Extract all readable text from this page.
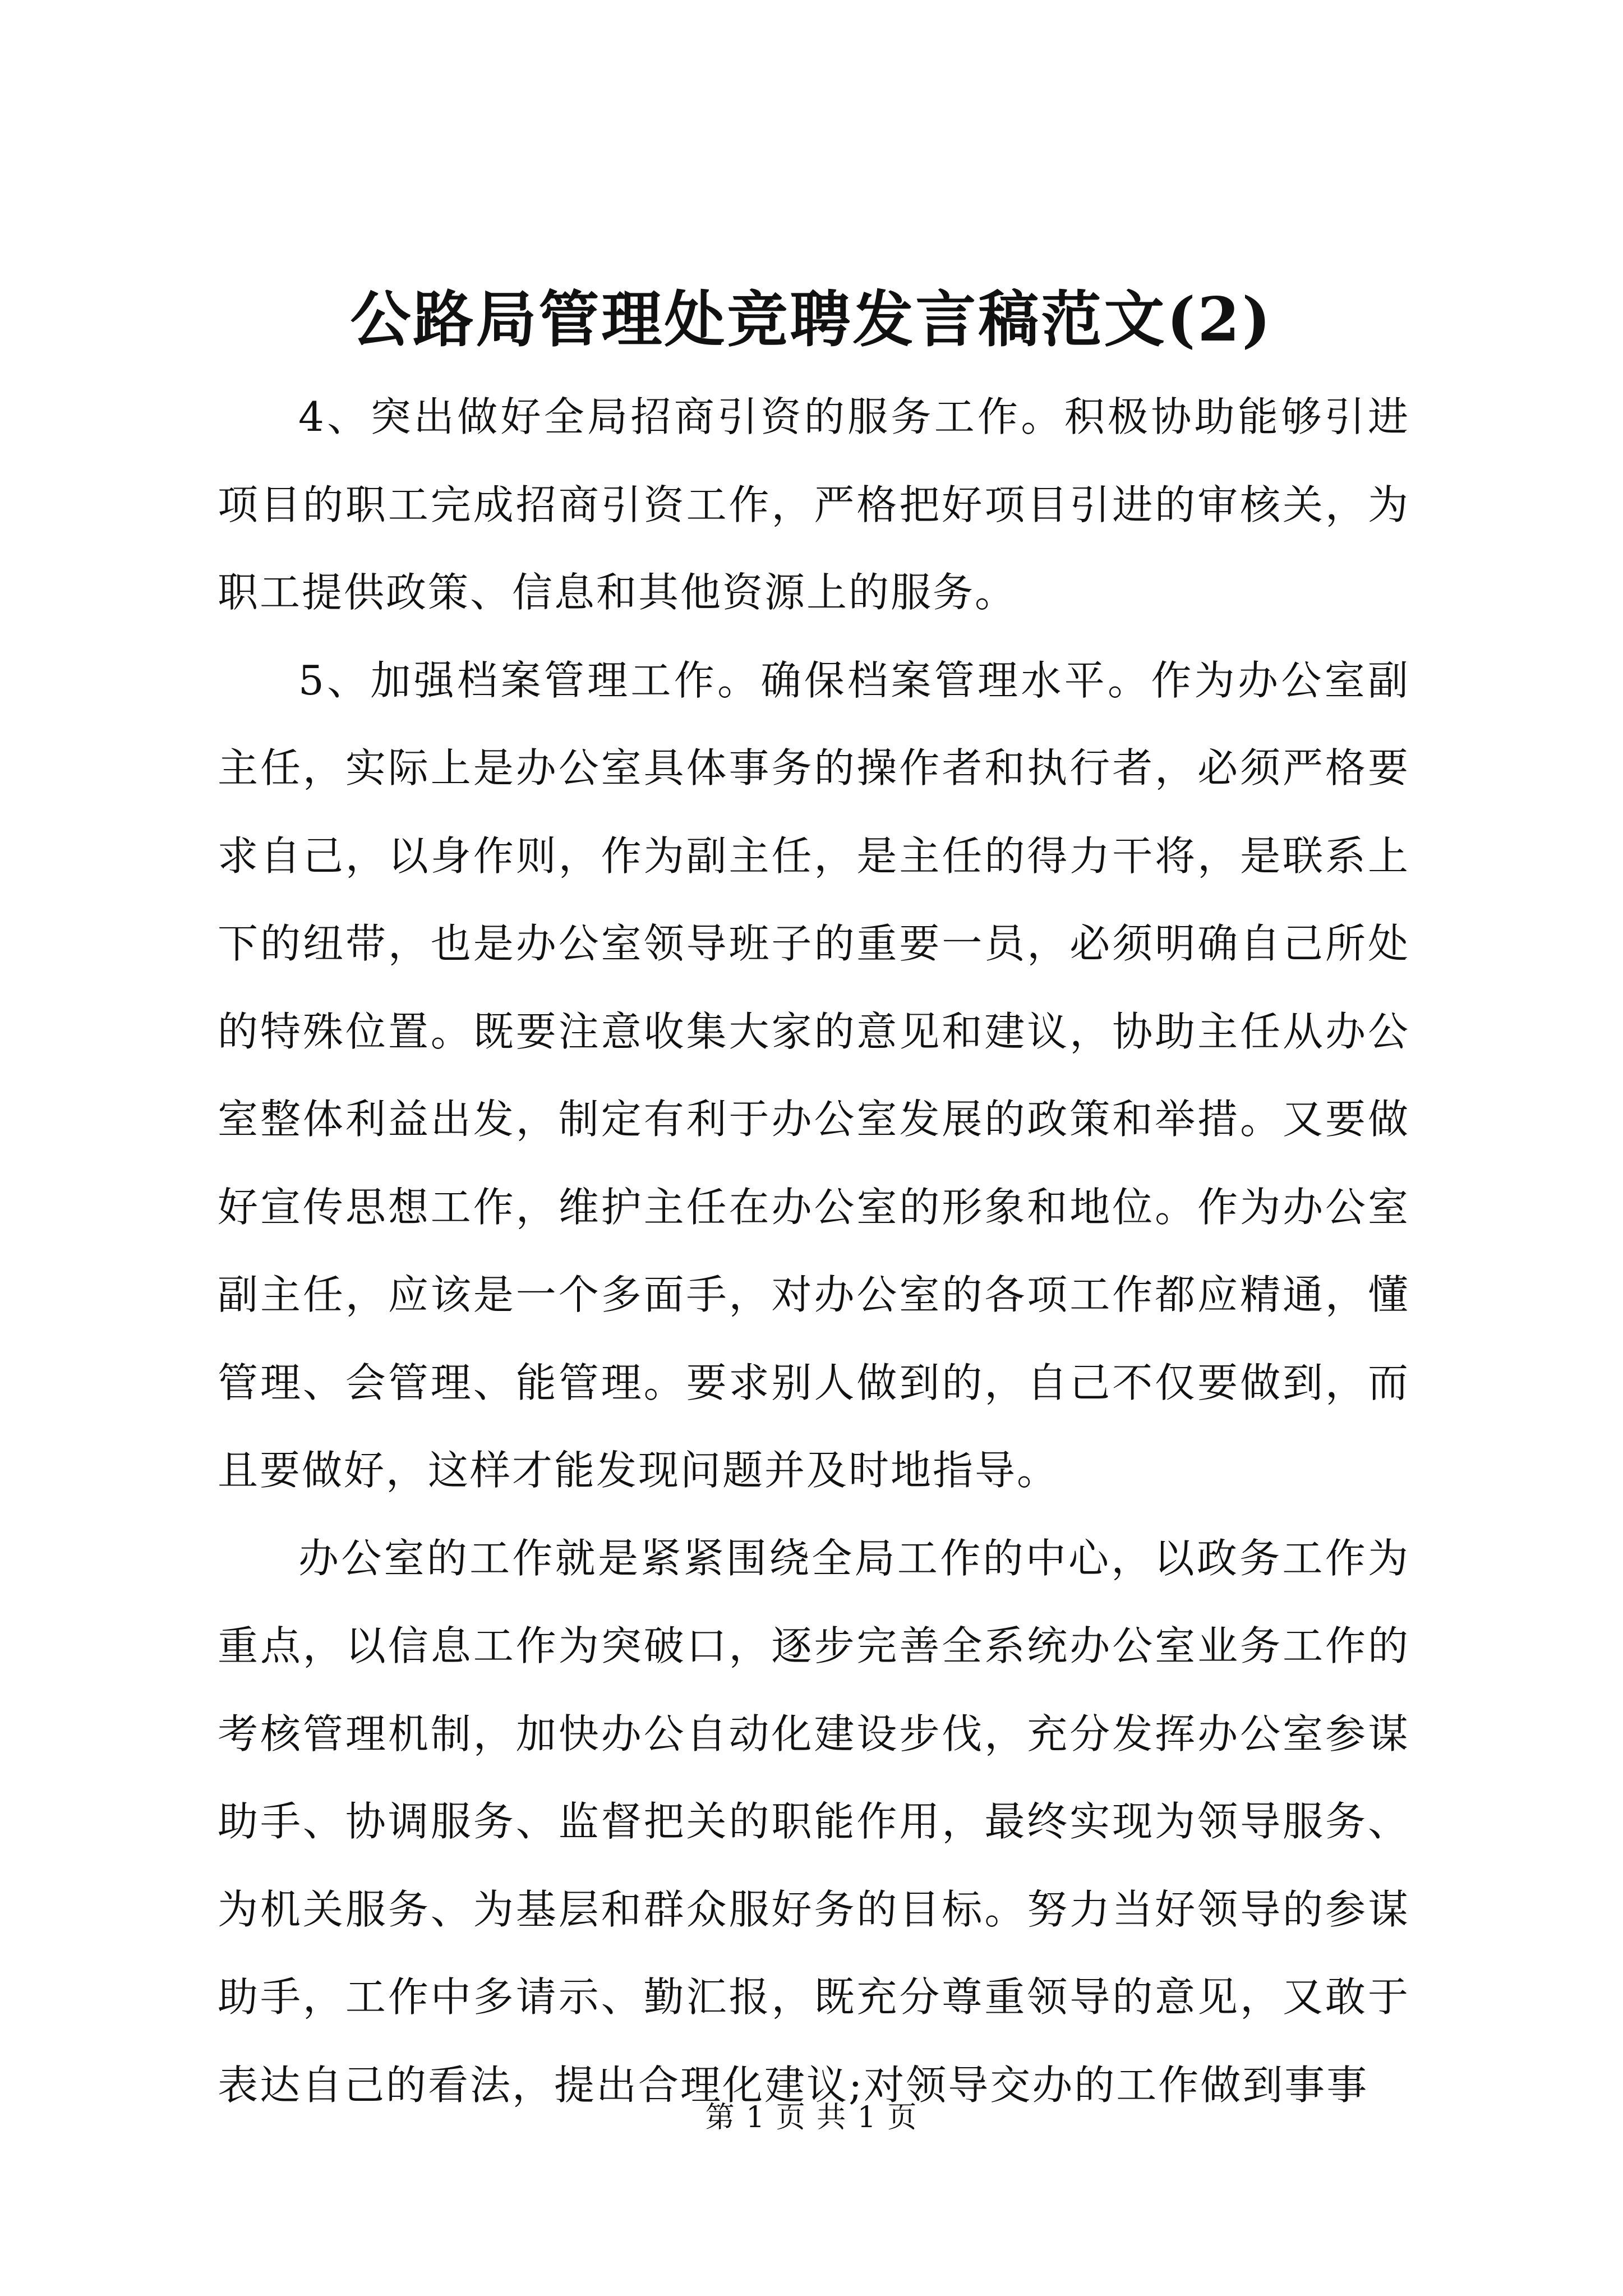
公路局管理处竞聘发言稿范文(2)

4、突出做好全局招商引资的服务工作。积极协助能够引进项目的职工完成招商引资工作，严格把好项目引进的审核关，为职工提供政策、信息和其他资源上的服务。

5、加强档案管理工作。确保档案管理水平。作为办公室副主任，实际上是办公室具体事务的操作者和执行者，必须严格要求自己，以身作则，作为副主任，是主任的得力干将，是联系上下的纽带，也是办公室领导班子的重要一员，必须明确自己所处的特殊位置。既要注意收集大家的意见和建议，协助主任从办公室整体利益出发，制定有利于办公室发展的政策和举措。又要做好宣传思想工作，维护主任在办公室的形象和地位。作为办公室副主任，应该是一个多面手，对办公室的各项工作都应精通，懂管理、会管理、能管理。要求别人做到的，自己不仅要做到，而且要做好，这样才能发现问题并及时地指导。

办公室的工作就是紧紧围绕全局工作的中心，以政务工作为重点，以信息工作为突破口，逐步完善全系统办公室业务工作的考核管理机制，加快办公自动化建设步伐，充分发挥办公室参谋助手、协调服务、监督把关的职能作用，最终实现为领导服务、为机关服务、为基层和群众服好务的目标。努力当好领导的参谋助手，工作中多请示、勤汇报，既充分尊重领导的意见，又敢于表达自己的看法，提出合理化建议;对领导交办的工作做到事事

第 1 页 共 1 页
